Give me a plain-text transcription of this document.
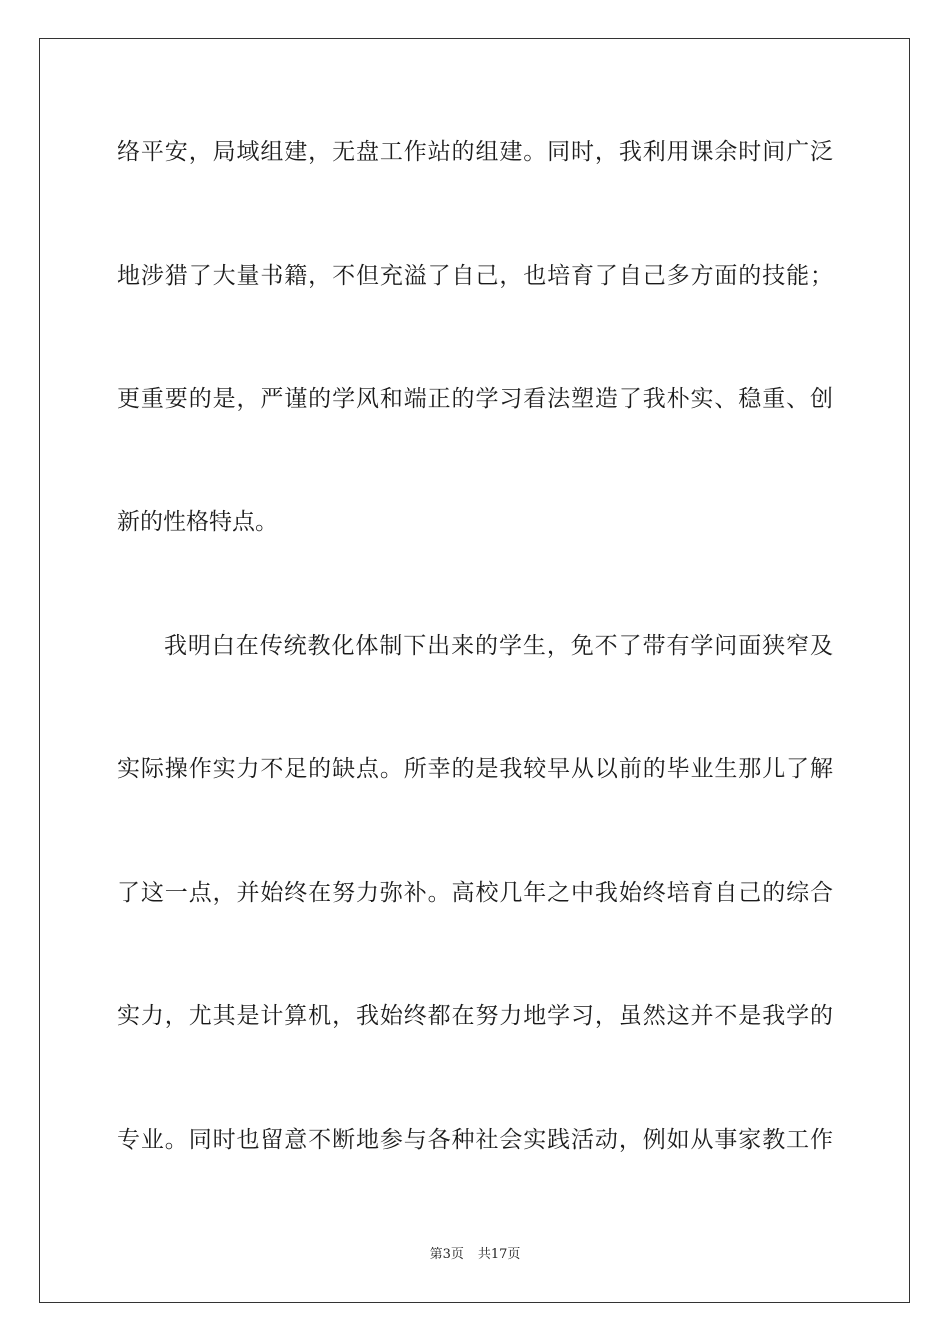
络平安，局域组建，无盘工作站的组建。同时，我利用课余时间广泛
地涉猎了大量书籍，不但充溢了自己，也培育了自己多方面的技能；
更重要的是，严谨的学风和端正的学习看法塑造了我朴实、稳重、创
新的性格特点。
我明白在传统教化体制下出来的学生，免不了带有学问面狭窄及
实际操作实力不足的缺点。所幸的是我较早从以前的毕业生那儿了解
了这一点，并始终在努力弥补。高校几年之中我始终培育自己的综合
实力，尤其是计算机，我始终都在努力地学习，虽然这并不是我学的
专业。同时也留意不断地参与各种社会实践活动，例如从事家教工作
第3页 共17页
